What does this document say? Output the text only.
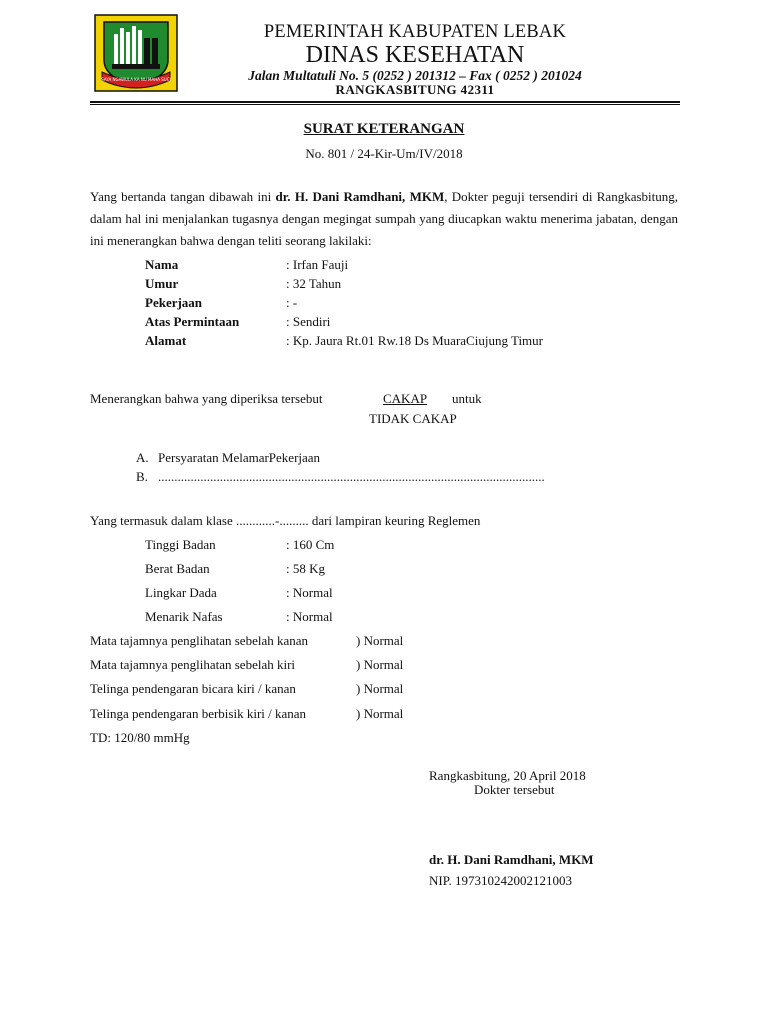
SAYA NGAWULA KA NU MAHA SUCI
PEMERINTAH KABUPATEN LEBAK
DINAS KESEHATAN
Jalan Multatuli No. 5 (0252 ) 201312 – Fax ( 0252 ) 201024
RANGKASBITUNG 42311
SURAT KETERANGAN
No. 801 / 24-Kir-Um/IV/2018
Yang bertanda tangan dibawah ini dr. H. Dani Ramdhani, MKM, Dokter peguji tersendiri di Rangkasbitung, dalam hal ini menjalankan tugasnya dengan megingat sumpah yang diucapkan waktu menerima jabatan, dengan ini menerangkan bahwa dengan teliti seorang lakilaki:
Nama	: Irfan Fauji
Umur	: 32 Tahun
Pekerjaan	: -
Atas Permintaan	: Sendiri
Alamat	: Kp. Jaura Rt.01 Rw.18 Ds MuaraCiujung Timur
Menerangkan bahwa yang diperiksa tersebut	CAKAP untuk
TIDAK CAKAP
A. Persyaratan MelamarPekerjaan
B. .......................................................................................................................
Yang termasuk dalam klase ............-......... dari lampiran keuring Reglemen
Tinggi Badan	: 160 Cm
Berat Badan	: 58 Kg
Lingkar Dada	: Normal
Menarik Nafas	: Normal
Mata tajamnya penglihatan sebelah kanan	) Normal
Mata tajamnya penglihatan sebelah kiri	) Normal
Telinga pendengaran bicara kiri / kanan	) Normal
Telinga pendengaran berbisik kiri / kanan	) Normal
TD: 120/80 mmHg
Rangkasbitung, 20 April 2018
Dokter tersebut
dr. H. Dani Ramdhani, MKM
NIP. 197310242002121003
